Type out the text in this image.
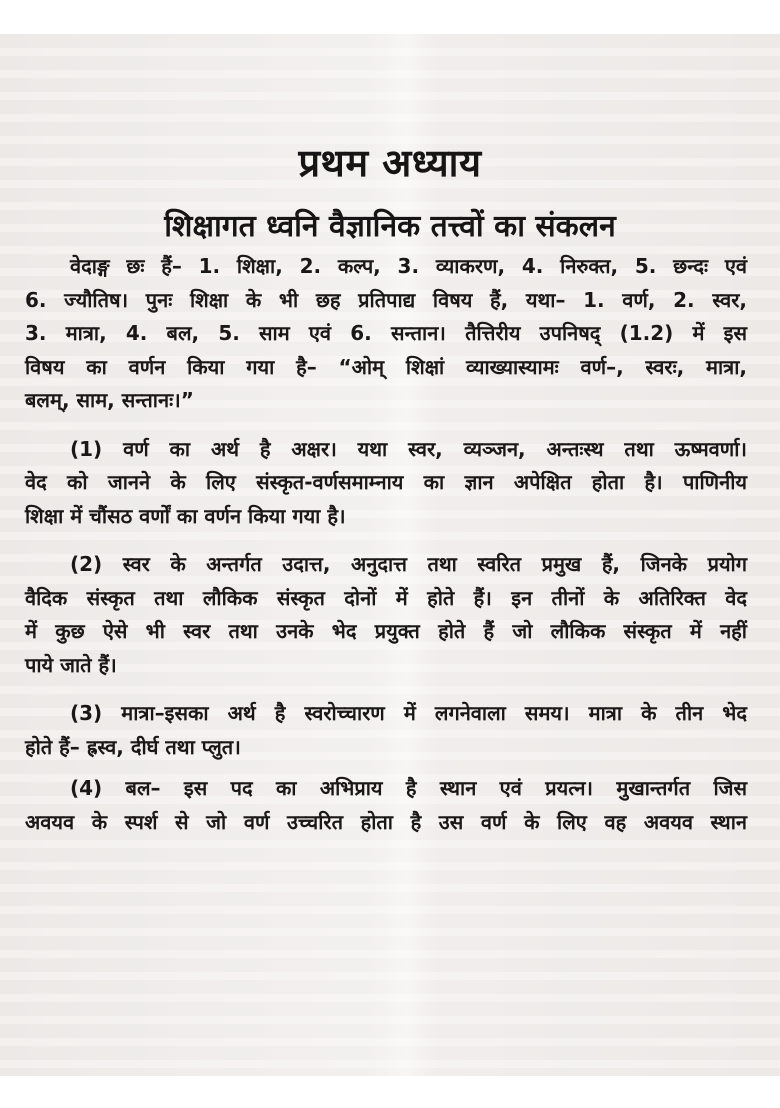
प्रथम अध्याय
शिक्षागत ध्वनि वैज्ञानिक तत्त्वों का संकलन
वेदाङ्ग छः हैं– 1. शिक्षा, 2. कल्प, 3. व्याकरण, 4. निरुक्त, 5. छन्दः एवं
6. ज्यौतिष। पुनः शिक्षा के भी छह प्रतिपाद्य विषय हैं, यथा– 1. वर्ण, 2. स्वर,
3. मात्रा, 4. बल, 5. साम एवं 6. सन्तान। तैत्तिरीय उपनिषद् (1.2) में इस
विषय का वर्णन किया गया है– “ओम् शिक्षां व्याख्यास्यामः वर्ण–, स्वरः, मात्रा,
बलम्, साम, सन्तानः।”
(1) वर्ण का अर्थ है अक्षर। यथा स्वर, व्यञ्जन, अन्तःस्थ तथा ऊष्मवर्णा।
वेद को जानने के लिए संस्कृत-वर्णसमाम्नाय का ज्ञान अपेक्षित होता है। पाणिनीय
शिक्षा में चौंसठ वर्णों का वर्णन किया गया है।
(2) स्वर के अन्तर्गत उदात्त, अनुदात्त तथा स्वरित प्रमुख हैं, जिनके प्रयोग
वैदिक संस्कृत तथा लौकिक संस्कृत दोनों में होते हैं। इन तीनों के अतिरिक्त वेद
में कुछ ऐसे भी स्वर तथा उनके भेद प्रयुक्त होते हैं जो लौकिक संस्कृत में नहीं
पाये जाते हैं।
(3) मात्रा–इसका अर्थ है स्वरोच्चारण में लगनेवाला समय। मात्रा के तीन भेद
होते हैं– ह्रस्व, दीर्घ तथा प्लुत।
(4) बल– इस पद का अभिप्राय है स्थान एवं प्रयत्न। मुखान्तर्गत जिस
अवयव के स्पर्श से जो वर्ण उच्चरित होता है उस वर्ण के लिए वह अवयव स्थान
